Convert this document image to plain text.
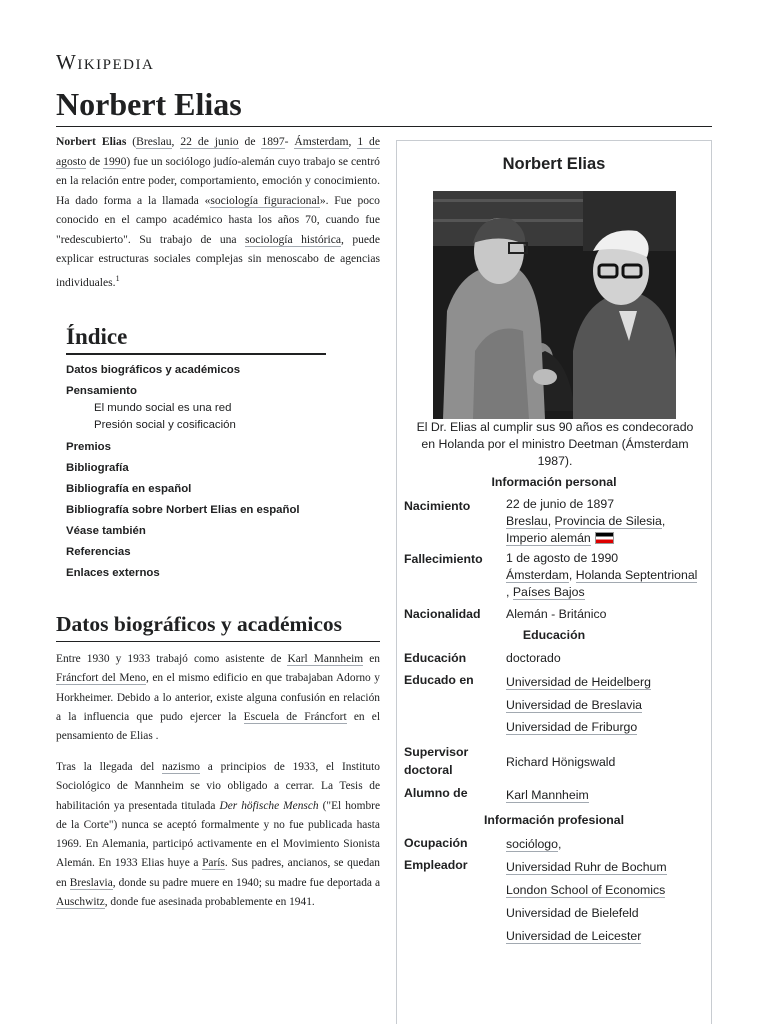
Wikipedia
Norbert Elias

Norbert Elias (Breslau, 22 de junio de 1897- Ámsterdam, 1 de agosto de 1990) fue un sociólogo judío-alemán cuyo trabajo se centró en la relación entre poder, comportamiento, emoción y conocimiento. Ha dado forma a la llamada «sociología figuracional». Fue poco conocido en el campo académico hasta los años 70, cuando fue "redescubierto". Su trabajo de una sociología histórica, puede explicar estructuras sociales complejas sin menoscabo de agencias individuales.$^1$

Índice
Datos biográficos y académicos
Pensamiento
El mundo social es una red
Presión social y cosificación
Premios
Bibliografía
Bibliografía en español
Bibliografía sobre Norbert Elias en español
Véase también
Referencias
Enlaces externos
Datos biográficos y académicos

Entre 1930 y 1933 trabajó como asistente de Karl Mannheim en Fráncfort del Meno, en el mismo edificio en que trabajaban Adorno y Horkheimer. Debido a lo anterior, existe alguna confusión en relación a la influencia que pudo ejercer la Escuela de Fráncfort en el pensamiento de Elias .

Tras la llegada del nazismo a principios de 1933, el Instituto Sociológico de Mannheim se vio obligado a cerrar. La Tesis de habilitación ya presentada titulada Der höfische Mensch ("El hombre de la Corte") nunca se aceptó formalmente y no fue publicada hasta 1969. En Alemania, participó activamente en el Movimiento Sionista Alemán. En 1933 Elias huye a París. Sus padres, ancianos, se quedan en Breslavia, donde su padre muere en 1940; su madre fue deportada a Auschwitz, donde fue asesinada probablemente en 1941.

Norbert Elias
El Dr. Elias al cumplir sus 90 años es condecorado en Holanda por el ministro Deetman (Ámsterdam 1987).
Información personal
Nacimiento	22 de junio de 1897
Breslau, Provincia de Silesia,
Imperio alemán
Fallecimiento 1 de agosto de 1990
Ámsterdam, Holanda Septentrional
, Países Bajos
Nacionalidad Alemán - Británico
Educación
Educación	doctorado
Educado en	Universidad de Heidelberg
Universidad de Breslavia
Universidad de Friburgo
Supervisor doctoral
Richard Hönigswald
Alumno de	Karl Mannheim
Información profesional
Ocupación	sociólogo,
Empleador	Universidad Ruhr de Bochum
London School of Economics
Universidad de Bielefeld
Universidad de Leicester
